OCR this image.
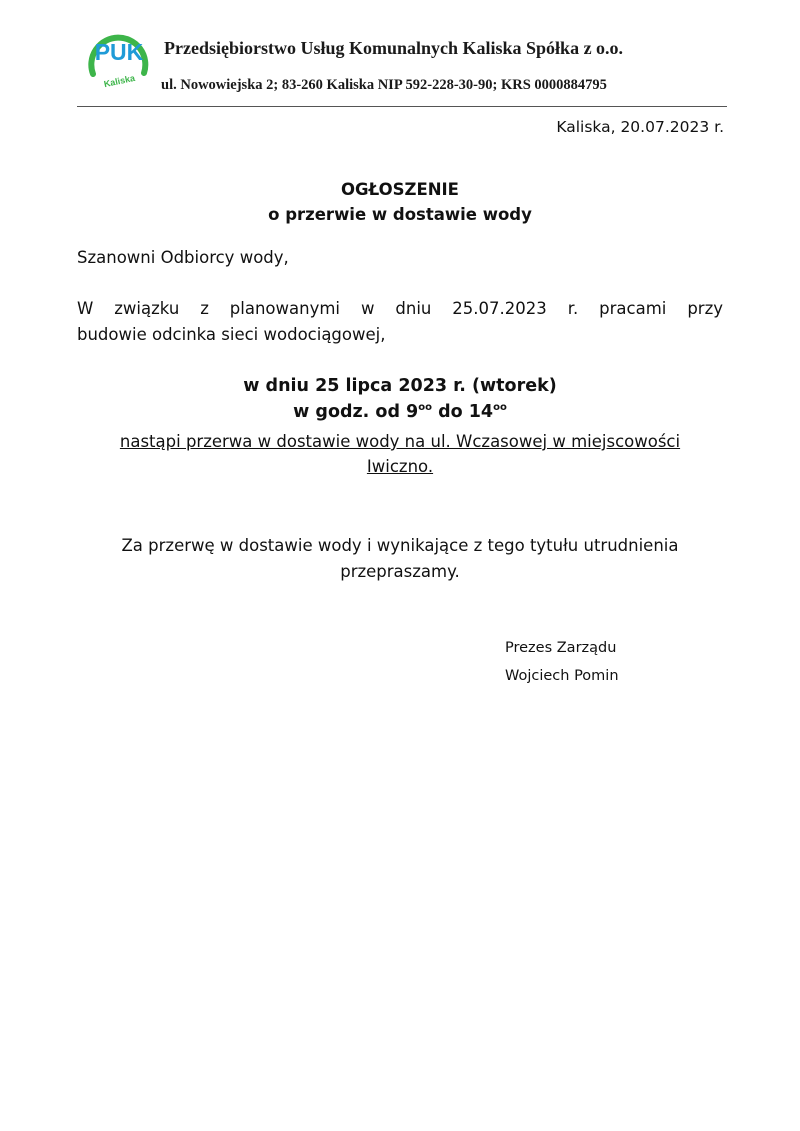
PUK
Kaliska
Przedsiębiorstwo Usług Komunalnych Kaliska Spółka z o.o.
ul. Nowowiejska 2; 83-260 Kaliska NIP 592-228-30-90; KRS 0000884795
Kaliska, 20.07.2023 r.
OGŁOSZENIE
o przerwie w dostawie wody
Szanowni Odbiorcy wody,
W związku z planowanymi w dniu 25.07.2023 r. pracami przy
budowie odcinka sieci wodociągowej,
w dniu 25 lipca 2023 r. (wtorek)
w godz. od $9^{oo}$ do $14^{oo}$
nastąpi przerwa w dostawie wody na ul. Wczasowej w miejscowości
Iwiczno.
Za przerwę w dostawie wody i wynikające z tego tytułu utrudnienia
przepraszamy.
Prezes Zarządu
Wojciech Pomin
